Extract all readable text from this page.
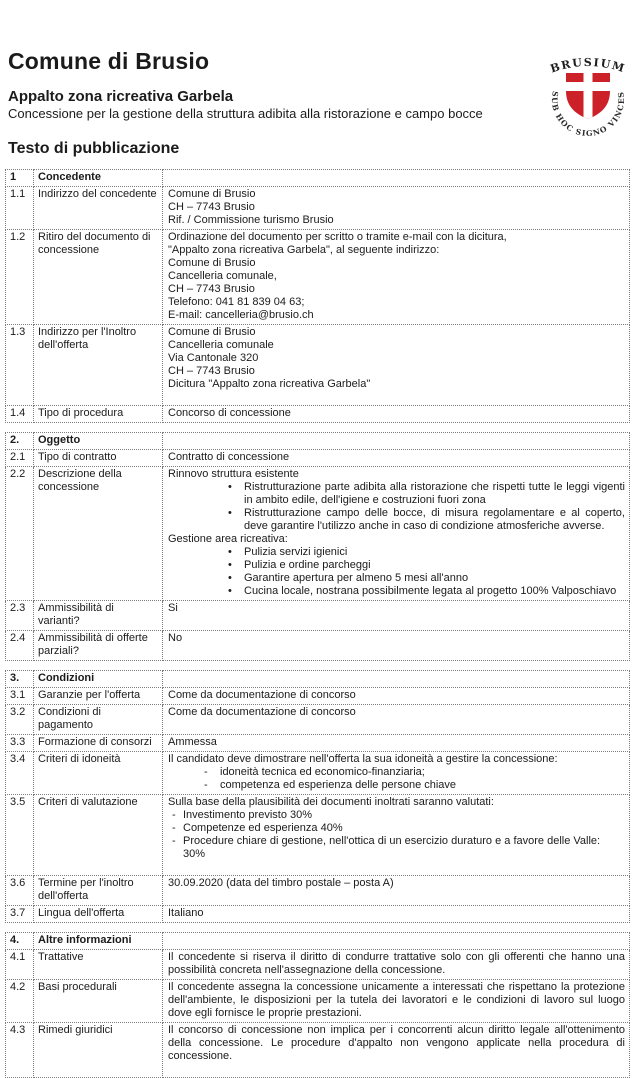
BRUSIUM
SUB HOC SIGNO VINCES
Comune di Brusio
Appalto zona ricreativa Garbela
Concessione per la gestione della struttura adibita alla ristorazione e campo bocce
Testo di pubblicazione
1	Concedente	
1.1	Indirizzo del concedente	Comune di Brusio
CH – 7743 Brusio
Rif. / Commissione turismo Brusio

1.2	Ritiro del documento di concessione	
Ordinazione del documento per scritto o tramite e-mail con la dicitura,
"Appalto zona ricreativa Garbela", al seguente indirizzo:
Comune di Brusio
Cancelleria comunale,
CH – 7743 Brusio
Telefono: 041 81 839 04 63;
E-mail: cancelleria@brusio.ch

1.3	Indirizzo per l'Inoltro dell'offerta	Comune di Brusio
Cancelleria comunale
Via Cantonale 320
CH – 7743 Brusio
Dicitura "Appalto zona ricreativa Garbela"

1.4	Tipo di procedura	Concorso di concessione
2.	Oggetto	
2.1	Tipo di contratto	Contratto di concessione

2.2	Descrizione della concessione	
Rinnovo struttura esistente
•	Ristrutturazione parte adibita alla ristorazione che rispetti tutte le leggi vigenti in ambito edile, dell'igiene e costruzioni fuori zona
•	Ristrutturazione campo delle bocce, di misura regolamentare e al coperto, deve garantire l'utilizzo anche in caso di condizione atmosferiche avverse.
Gestione area ricreativa:
•	Pulizia servizi igienici
•	Pulizia e ordine parcheggi
•	Garantire apertura per almeno 5 mesi all'anno
•	Cucina locale, nostrana possibilmente legata al progetto 100% Valposchiavo

2.3	Ammissibilità di varianti?	Si

2.4	Ammissibilità di offerte parziali?	No
3.	Condizioni	
3.1	Garanzie per l'offerta	Come da documentazione di concorso

3.2	Condizioni di pagamento	Come da documentazione di concorso

3.3	Formazione di consorzi	Ammessa

3.4	Criteri di idoneità	Il candidato deve dimostrare nell'offerta la sua idoneità a gestire la concessione:
- idoneità tecnica ed economico-finanziaria;
- competenza ed esperienza delle persone chiave

3.5	Criteri di valutazione	Sulla base della plausibilità dei documenti inoltrati saranno valutati:
- Investimento previsto 30%
- Competenze ed esperienza 40%
- Procedure chiare di gestione, nell'ottica di un esercizio duraturo e a favore delle Valle: 30%

3.6	Termine per l'inoltro dell'offerta	30.09.2020 (data del timbro postale – posta A)

3.7	Lingua dell'offerta	Italiano
4.	Altre informazioni	
4.1	Trattative	Il concedente si riserva il diritto di condurre trattative solo con gli offerenti che hanno una possibilità concreta nell'assegnazione della concessione.

4.2	Basi procedurali	Il concedente assegna la concessione unicamente a interessati che rispettano la protezione dell'ambiente, le disposizioni per la tutela dei lavoratori e le condizioni di lavoro sul luogo dove egli fornisce le proprie prestazioni.

4.3	Rimedi giuridici	Il concorso di concessione non implica per i concorrenti alcun diritto legale all'ottenimento della concessione. Le procedure d'appalto non vengono applicate nella procedura di concessione.
